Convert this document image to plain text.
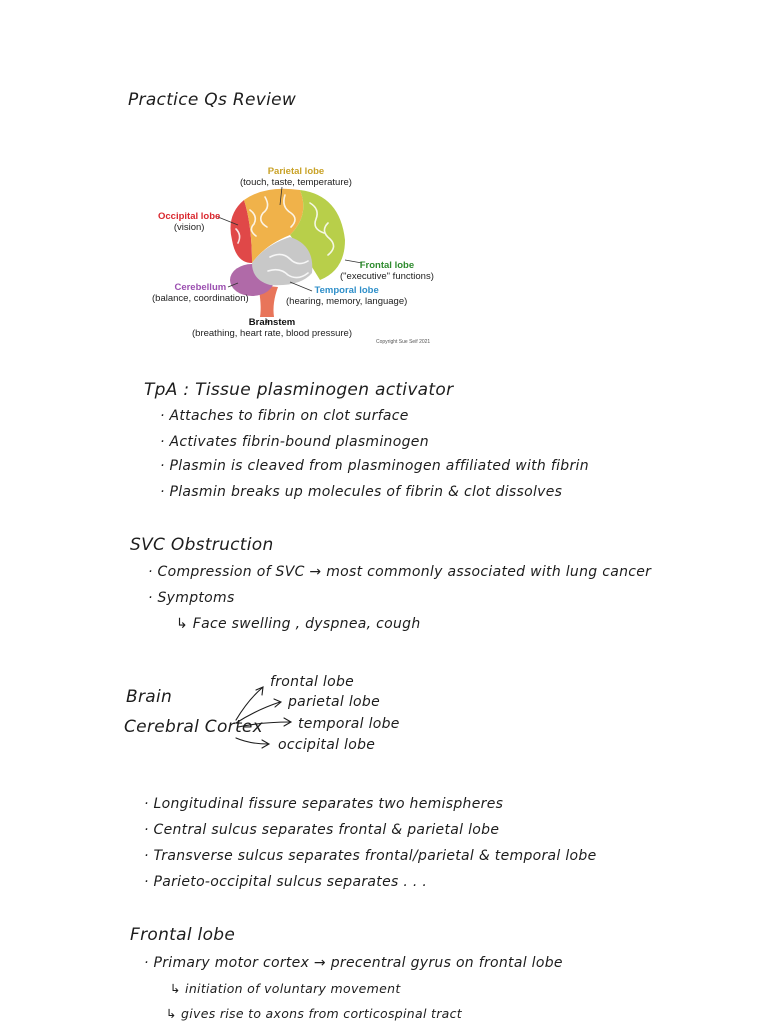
Practice Qs Review
Parietal lobe
(touch, taste, temperature)
Occipital lobe
(vision)
Frontal lobe
("executive" functions)
Cerebellum
(balance, coordination)
Temporal lobe
(hearing, memory, language)
Brainstem
(breathing, heart rate, blood pressure)
Copyright Sue Seif 2021
TpA : Tissue plasminogen activator
· Attaches to fibrin on clot surface
· Activates fibrin-bound plasminogen
· Plasmin is cleaved from plasminogen affiliated with fibrin
· Plasmin breaks up molecules of fibrin & clot dissolves
SVC Obstruction
· Compression of SVC → most commonly associated with lung cancer
· Symptoms
↳ Face swelling , dyspnea, cough
Brain
Cerebral Cortex
frontal lobe
parietal lobe
temporal lobe
occipital lobe
· Longitudinal fissure separates two hemispheres
· Central sulcus separates frontal & parietal lobe
· Transverse sulcus separates frontal/parietal & temporal lobe
· Parieto-occipital sulcus separates . . .
Frontal lobe
· Primary motor cortex → precentral gyrus on frontal lobe
↳ initiation of voluntary movement
↳ gives rise to axons from corticospinal tract
